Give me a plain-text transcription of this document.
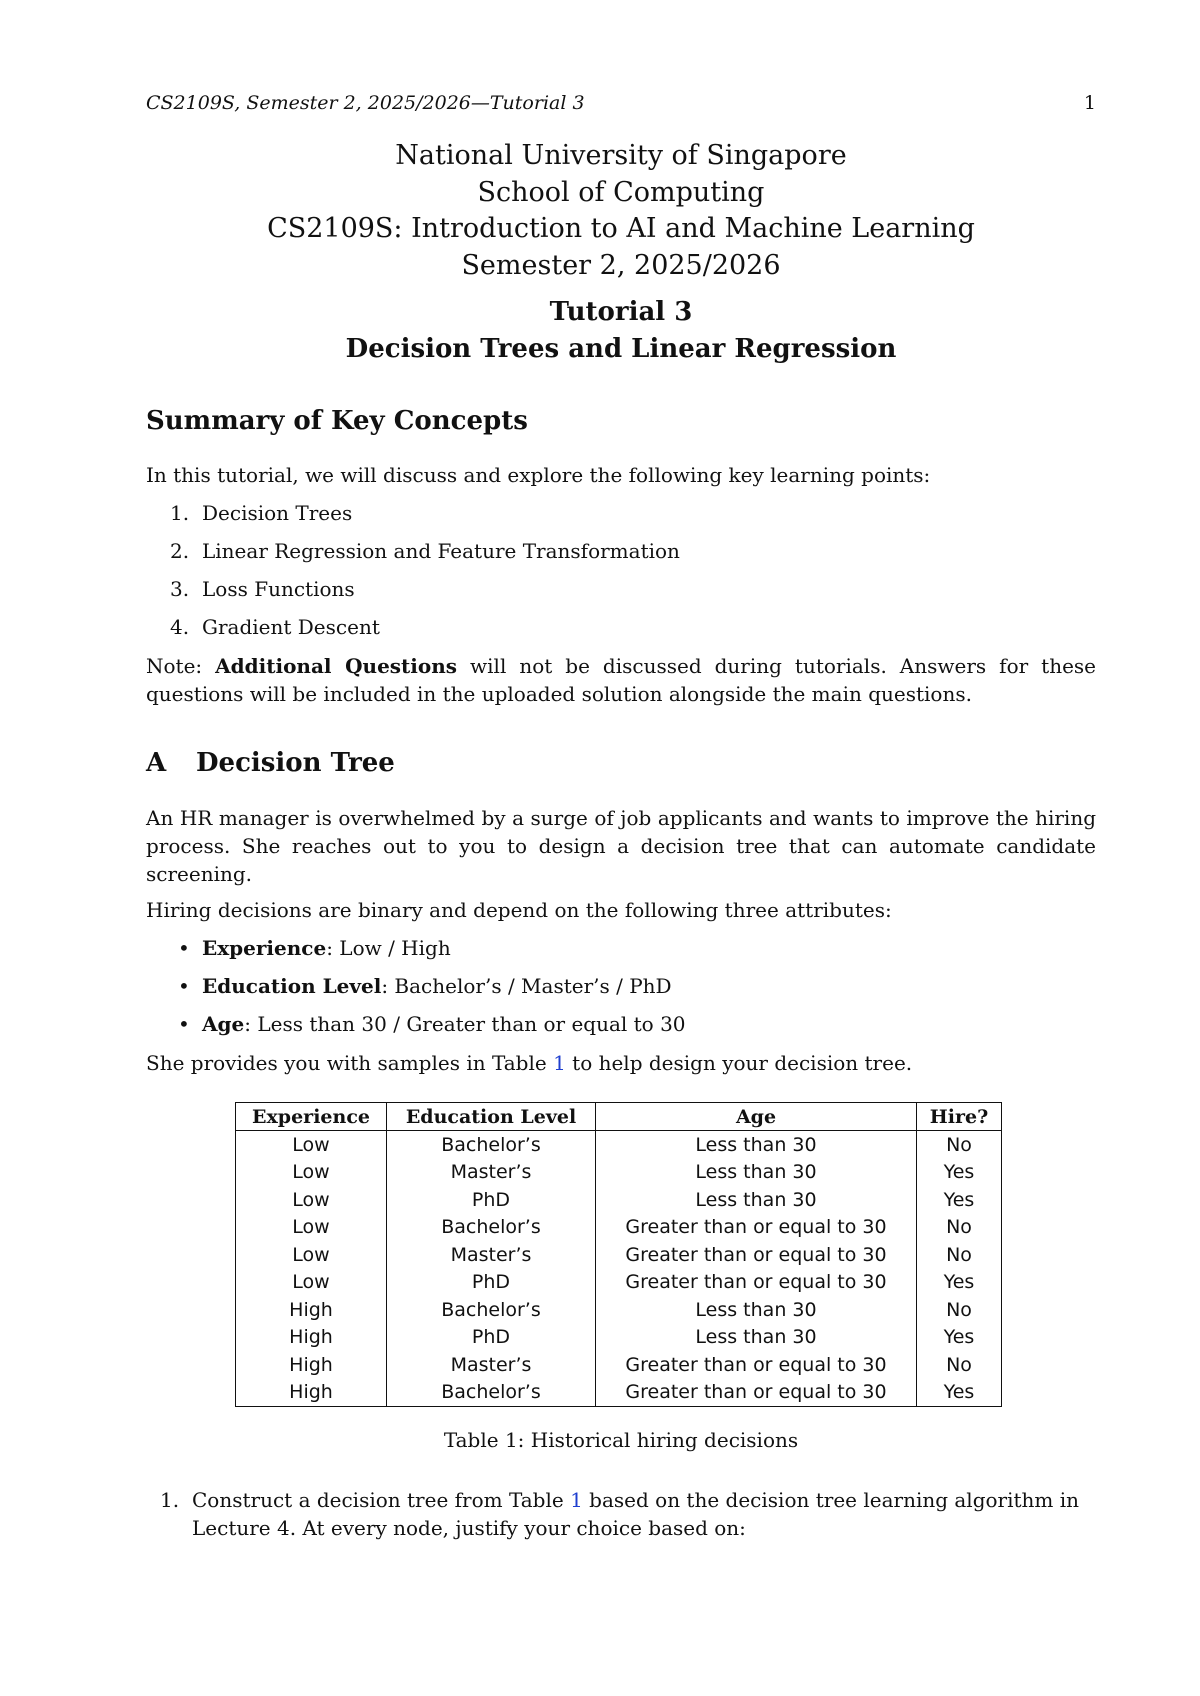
CS2109S, Semester 2, 2025/2026—Tutorial 3	1
National University of Singapore
School of Computing
CS2109S: Introduction to AI and Machine Learning
Semester 2, 2025/2026
Tutorial 3
Decision Trees and Linear Regression
Summary of Key Concepts
In this tutorial, we will discuss and explore the following key learning points:
1. Decision Trees
2. Linear Regression and Feature Transformation
3. Loss Functions
4. Gradient Descent
Note: Additional Questions will not be discussed during tutorials. Answers for these questions will be included in the uploaded solution alongside the main questions.
A Decision Tree
An HR manager is overwhelmed by a surge of job applicants and wants to improve the hiring process. She reaches out to you to design a decision tree that can automate candidate screening.
Hiring decisions are binary and depend on the following three attributes:
• Experience: Low / High
• Education Level: Bachelor’s / Master’s / PhD
• Age: Less than 30 / Greater than or equal to 30
She provides you with samples in Table 1 to help design your decision tree.
Experience	Education Level	Age	Hire?
Low	Bachelor’s	Less than 30	No
Low	Master’s	Less than 30	Yes
Low	PhD	Less than 30	Yes
Low	Bachelor’s	Greater than or equal to 30	No
Low	Master’s	Greater than or equal to 30	No
Low	PhD	Greater than or equal to 30	Yes
High	Bachelor’s	Less than 30	No
High	PhD	Less than 30	Yes
High	Master’s	Greater than or equal to 30	No
High	Bachelor’s	Greater than or equal to 30	Yes
Table 1: Historical hiring decisions
1. Construct a decision tree from Table 1 based on the decision tree learning algorithm in Lecture 4. At every node, justify your choice based on:
